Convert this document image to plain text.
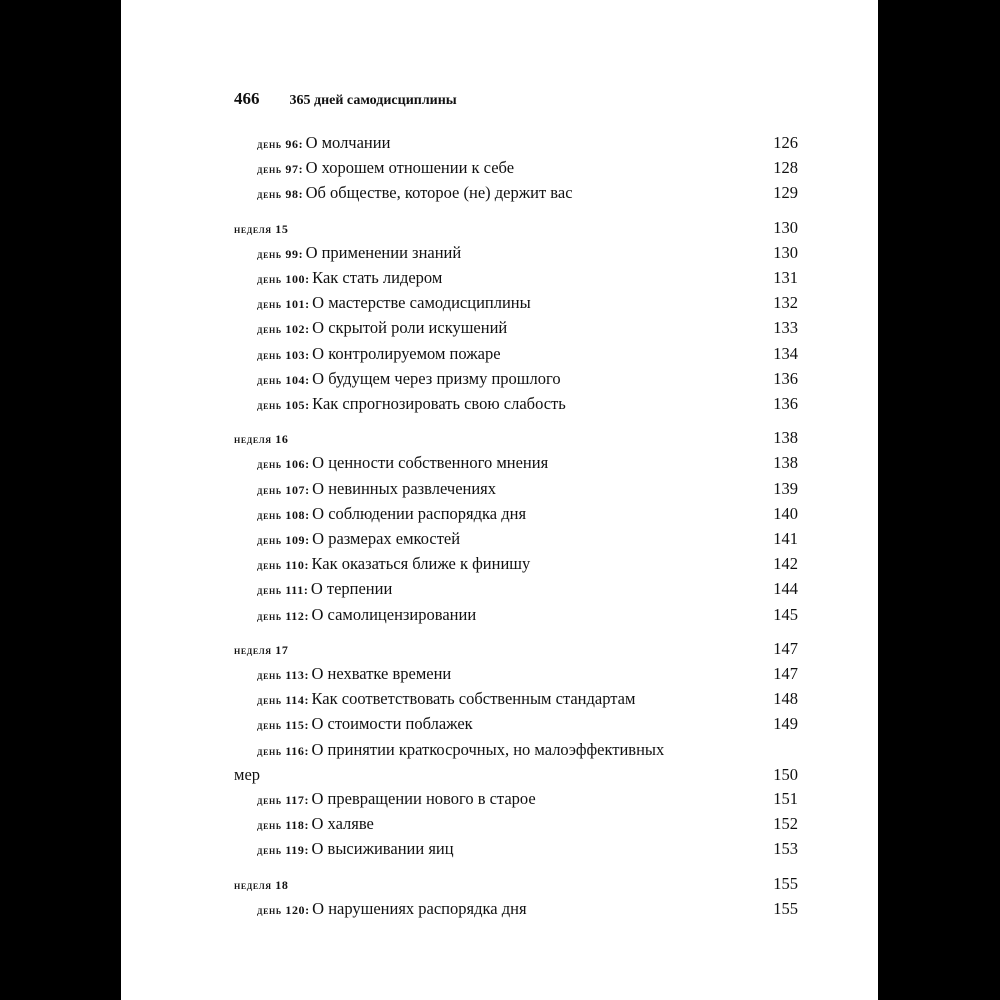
466 365 дней самодисциплины
день 96: О молчании	126
день 97: О хорошем отношении к себе	128
день 98: Об обществе, которое (не) держит вас	129
неделя 15	130
день 99: О применении знаний	130
день 100: Как стать лидером	131
день 101: О мастерстве самодисциплины	132
день 102: О скрытой роли искушений	133
день 103: О контролируемом пожаре	134
день 104: О будущем через призму прошлого	136
день 105: Как спрогнозировать свою слабость	136
неделя 16	138
день 106: О ценности собственного мнения	138
день 107: О невинных развлечениях	139
день 108: О соблюдении распорядка дня	140
день 109: О размерах емкостей	141
день 110: Как оказаться ближе к финишу	142
день 111: О терпении	144
день 112: О самолицензировании	145
неделя 17	147
день 113: О нехватке времени	147
день 114: Как соответствовать собственным стандартам	148
день 115: О стоимости поблажек	149
день 116: О принятии краткосрочных, но малоэффективных
мер	150
день 117: О превращении нового в старое	151
день 118: О халяве	152
день 119: О высиживании яиц	153
неделя 18	155
день 120: О нарушениях распорядка дня	155
